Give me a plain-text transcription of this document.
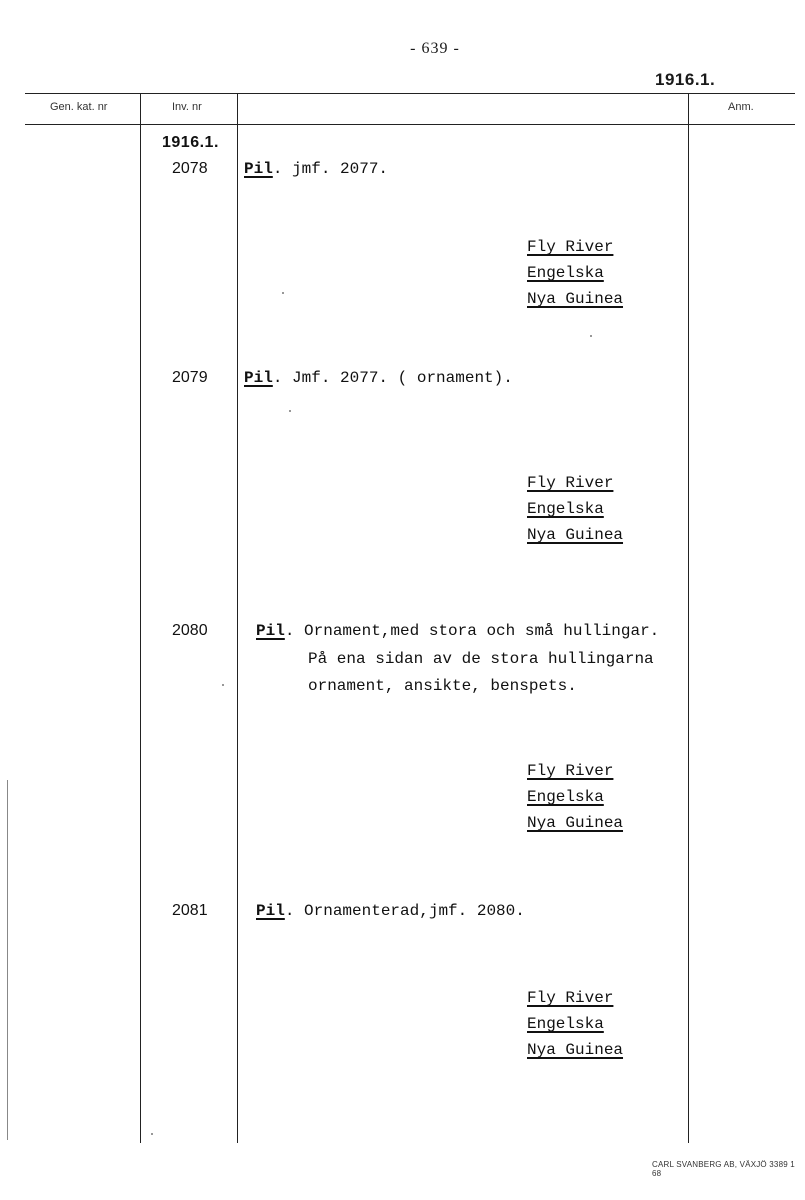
- 639 -
1916.1.
Gen. kat. nr	Inv. nr	Anm.
1916.1.
2078 Pil. jmf. 2077.
Fly River
Engelska
Nya Guinea
2079 Pil. Jmf. 2077. ( ornament).
Fly River
Engelska
Nya Guinea
2080	Pil. Ornament,med stora och små hullingar.
På ena sidan av de stora hullingarna
ornament, ansikte, benspets.
Fly River
Engelska
Nya Guinea
2081	Pil. Ornamenterad,jmf. 2080.
Fly River
Engelska
Nya Guinea
CARL SVANBERG AB, VÄXJÖ 3389 1 68
